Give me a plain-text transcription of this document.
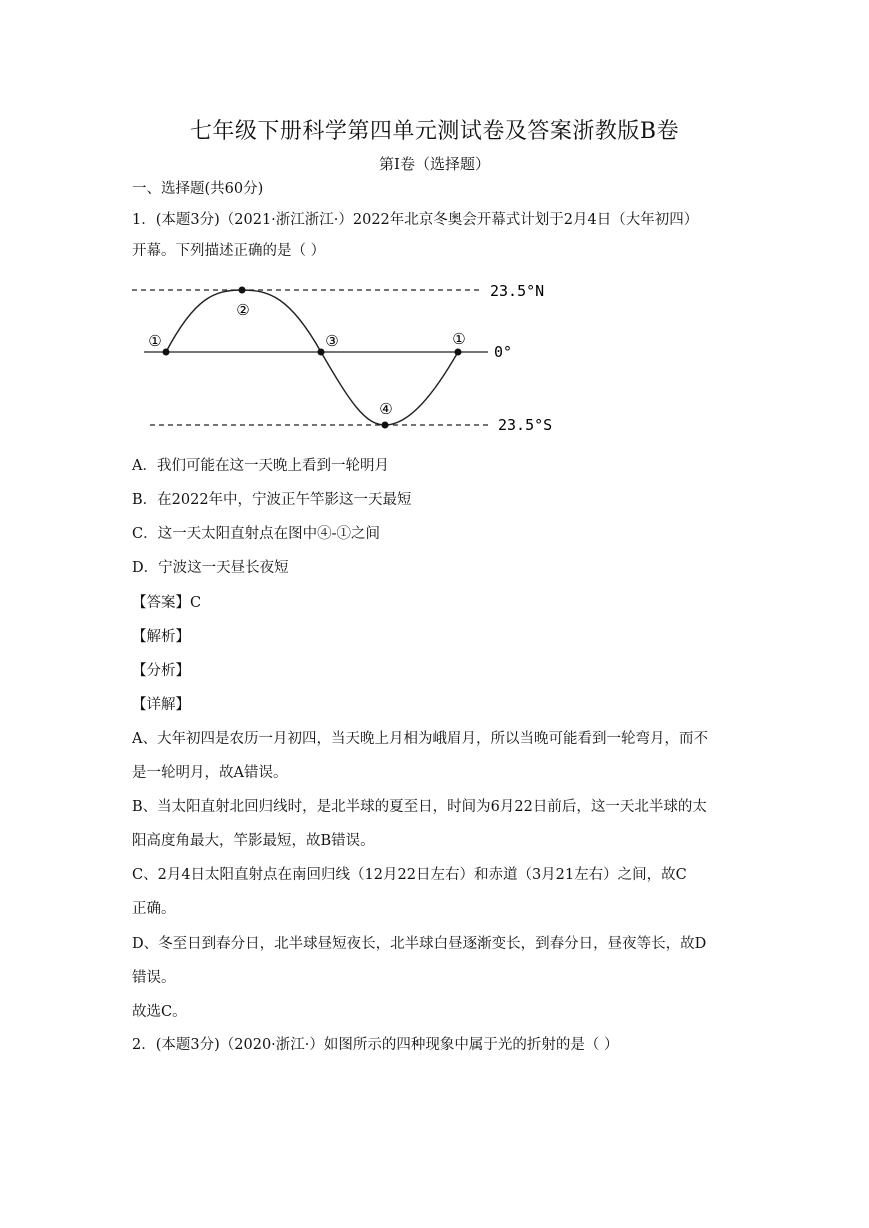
七年级下册科学第四单元测试卷及答案浙教版B卷
第Ⅰ卷（选择题）
一、选择题(共60分)
1．(本题3分)（2021·浙江浙江·）2022年北京冬奥会开幕式计划于2月4日（大年初四）
开幕。下列描述正确的是（ ）
①
②
③	①
④
23.5°N
0°
23.5°S
A．我们可能在这一天晚上看到一轮明月
B．在2022年中，宁波正午竿影这一天最短
C．这一天太阳直射点在图中④-①之间
D．宁波这一天昼长夜短
【答案】C
【解析】
【分析】
【详解】
A、大年初四是农历一月初四，当天晚上月相为峨眉月，所以当晚可能看到一轮弯月，而不
是一轮明月，故A错误。
B、当太阳直射北回归线时，是北半球的夏至日，时间为6月22日前后，这一天北半球的太
阳高度角最大，竿影最短，故B错误。
C、2月4日太阳直射点在南回归线（12月22日左右）和赤道（3月21左右）之间，故C
正确。
D、冬至日到春分日，北半球昼短夜长，北半球白昼逐渐变长，到春分日，昼夜等长，故D
错误。
故选C。
2．(本题3分)（2020·浙江·）如图所示的四种现象中属于光的折射的是（ ）
